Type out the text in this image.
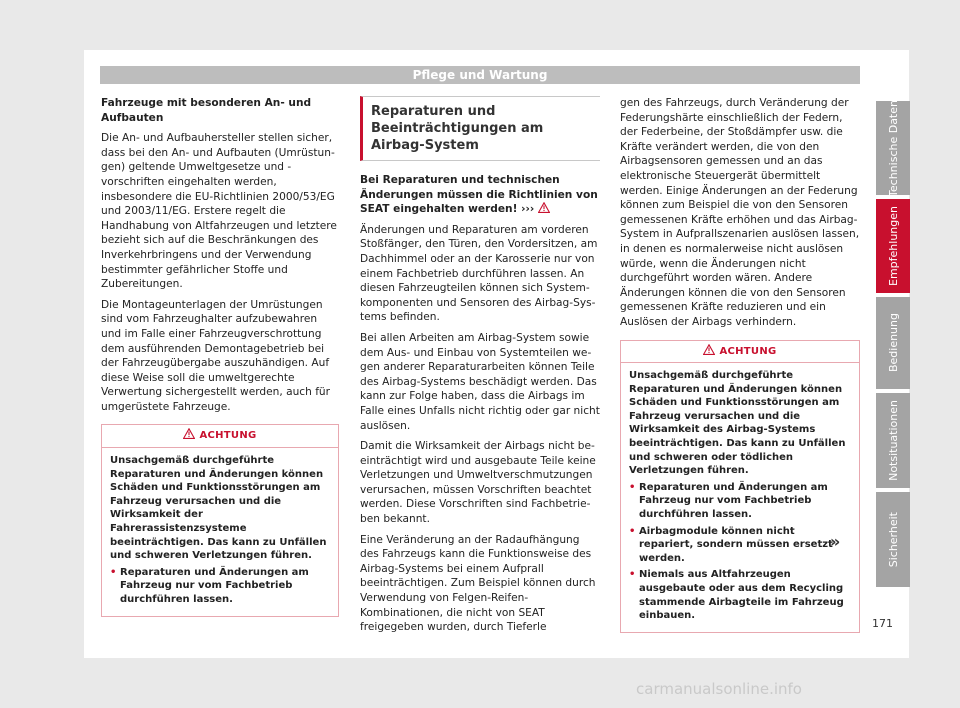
Pflege und Wartung

Fahrzeuge mit besonderen An- und Aufbauten

Die An- und Aufbauhersteller stellen sicher, dass bei den An- und Aufbauten (Umrüstungen) geltende Umweltgesetze und -vorschriften eingehalten werden, insbesondere die EU-Richtlinien 2000/53/EG und 2003/11/EG. Erstere regelt die Handhabung von Altfahrzeugen und letztere bezieht sich auf die Beschränkungen des Inverkehrbringens und der Verwendung bestimmter gefährlicher Stoffe und Zubereitungen.

Die Montageunterlagen der Umrüstungen sind vom Fahrzeughalter aufzubewahren und im Falle einer Fahrzeugverschrottung dem ausführenden Demontagebetrieb bei der Fahrzeugübergabe auszuhändigen. Auf diese Weise soll die umweltgerechte Verwertung sichergestellt werden, auch für umgerüstete Fahrzeuge.

ACHTUNG

Unsachgemäß durchgeführte Reparaturen und Änderungen können Schäden und Funktionsstörungen am Fahrzeug verursachen und die Wirksamkeit der Fahrerassistenzsysteme beeinträchtigen. Das kann zu Unfällen und schweren Verletzungen führen.

• Reparaturen und Änderungen am Fahrzeug nur vom Fachbetrieb durchführen lassen.

Reparaturen und Beeinträchtigungen am Airbag-System

Bei Reparaturen und technischen Änderungen müssen die Richtlinien von SEAT eingehalten werden! ›››

Änderungen und Reparaturen am vorderen Stoßfänger, den Türen, den Vordersitzen, am Dachhimmel oder an der Karosserie nur von einem Fachbetrieb durchführen lassen. An diesen Fahrzeugteilen können sich Systemkomponenten und Sensoren des Airbag-Systems befinden.

Bei allen Arbeiten am Airbag-System sowie dem Aus- und Einbau von Systemteilen wegen anderer Reparaturarbeiten können Teile des Airbag-Systems beschädigt werden. Das kann zur Folge haben, dass die Airbags im Falle eines Unfalls nicht richtig oder gar nicht auslösen.

Damit die Wirksamkeit der Airbags nicht beeinträchtigt wird und ausgebaute Teile keine Verletzungen und Umweltverschmutzungen verursachen, müssen Vorschriften beachtet werden. Diese Vorschriften sind Fachbetrieben bekannt.

Eine Veränderung an der Radaufhängung des Fahrzeugs kann die Funktionsweise des Airbag-Systems bei einem Aufprall beeinträchtigen. Zum Beispiel können durch Verwendung von Felgen-Reifen-Kombinationen, die nicht von SEAT freigegeben wurden, durch Tieferle

gen des Fahrzeugs, durch Veränderung der Federungshärte einschließlich der Federn, der Federbeine, der Stoßdämpfer usw. die Kräfte verändert werden, die von den Airbagsensoren gemessen und an das elektronische Steuergerät übermittelt werden. Einige Änderungen an der Federung können zum Beispiel die von den Sensoren gemessenen Kräfte erhöhen und das Airbag-System in Aufprallszenarien auslösen lassen, in denen es normalerweise nicht auslösen würde, wenn die Änderungen nicht durchgeführt worden wären. Andere Änderungen können die von den Sensoren gemessenen Kräfte reduzieren und ein Auslösen der Airbags verhindern.

ACHTUNG

Unsachgemäß durchgeführte Reparaturen und Änderungen können Schäden und Funktionsstörungen am Fahrzeug verursachen und die Wirksamkeit des Airbag-Systems beeinträchtigen. Das kann zu Unfällen und schweren oder tödlichen Verletzungen führen.

• Reparaturen und Änderungen am Fahrzeug nur vom Fachbetrieb durchführen lassen.

• Airbagmodule können nicht repariert, sondern müssen ersetzt werden.

• Niemals aus Altfahrzeugen ausgebaute oder aus dem Recycling stammende Airbagteile im Fahrzeug einbauen.

»
Technische Daten
Empfehlungen
Bedienung
Notsituationen
Sicherheit
171
carmanualsonline.info
